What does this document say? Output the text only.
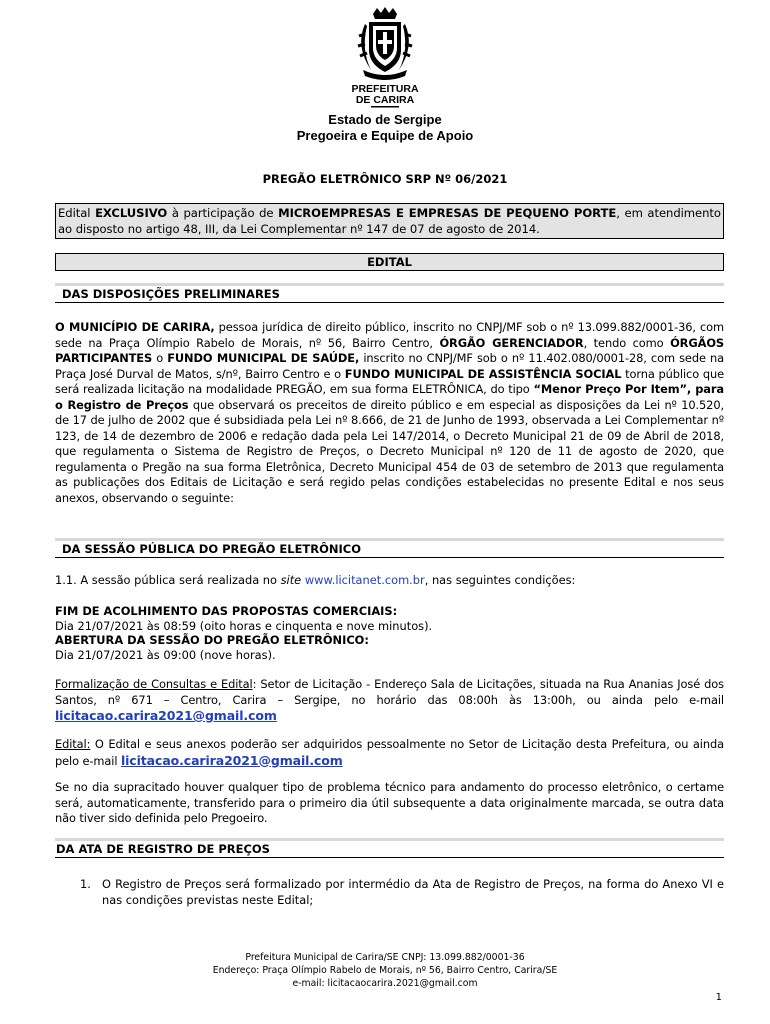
PREFEITURA
DE CARIRA
Estado de Sergipe
Pregoeira e Equipe de Apoio
PREGÃO ELETRÔNICO SRP Nº 06/2021
Edital EXCLUSIVO à participação de MICROEMPRESAS E EMPRESAS DE PEQUENO PORTE, em atendimento ao disposto no artigo 48, III, da Lei Complementar nº 147 de 07 de agosto de 2014.
EDITAL
DAS DISPOSIÇÕES PRELIMINARES

O MUNICÍPIO DE CARIRA, pessoa jurídica de direito público, inscrito no CNPJ/MF sob o nº 13.099.882/0001-36, com sede na Praça Olímpio Rabelo de Morais, nº 56, Bairro Centro, ÓRGÃO GERENCIADOR, tendo como ÓRGÃOS PARTICIPANTES o FUNDO MUNICIPAL DE SAÚDE, inscrito no CNPJ/MF sob o nº 11.402.080/0001-28, com sede na Praça José Durval de Matos, s/nº, Bairro Centro e o FUNDO MUNICIPAL DE ASSISTÊNCIA SOCIAL torna público que será realizada licitação na modalidade PREGÃO, em sua forma ELETRÔNICA, do tipo “Menor Preço Por Item”, para o Registro de Preços que observará os preceitos de direito público e em especial as disposições da Lei nº 10.520, de 17 de julho de 2002 que é subsidiada pela Lei nº 8.666, de 21 de Junho de 1993, observada a Lei Complementar nº 123, de 14 de dezembro de 2006 e redação dada pela Lei 147/2014, o Decreto Municipal 21 de 09 de Abril de 2018, que regulamenta o Sistema de Registro de Preços, o Decreto Municipal nº 120 de 11 de agosto de 2020, que regulamenta o Pregão na sua forma Eletrônica, Decreto Municipal 454 de 03 de setembro de 2013 que regulamenta as publicações dos Editais de Licitação e será regido pelas condições estabelecidas no presente Edital e nos seus anexos, observando o seguinte:

DA SESSÃO PÚBLICA DO PREGÃO ELETRÔNICO
1.1. A sessão pública será realizada no site www.licitanet.com.br, nas seguintes condições:
FIM DE ACOLHIMENTO DAS PROPOSTAS COMERCIAIS:
Dia 21/07/2021 às 08:59 (oito horas e cinquenta e nove minutos).
ABERTURA DA SESSÃO DO PREGÃO ELETRÔNICO:
Dia 21/07/2021 às 09:00 (nove horas).

Formalização de Consultas e Edital: Setor de Licitação - Endereço Sala de Licitações, situada na Rua Ananias José dos Santos, nº 671 – Centro, Carira – Sergipe, no horário das 08:00h às 13:00h, ou ainda pelo e-mail licitacao.carira2021@gmail.com

Edital: O Edital e seus anexos poderão ser adquiridos pessoalmente no Setor de Licitação desta Prefeitura, ou ainda pelo e-mail licitacao.carira2021@gmail.com

Se no dia supracitado houver qualquer tipo de problema técnico para andamento do processo eletrônico, o certame será, automaticamente, transferido para o primeiro dia útil subsequente a data originalmente marcada, se outra data não tiver sido definida pelo Pregoeiro.
DA ATA DE REGISTRO DE PREÇOS
1. O Registro de Preços será formalizado por intermédio da Ata de Registro de Preços, na forma do Anexo VI e nas condições previstas neste Edital;
Prefeitura Municipal de Carira/SE CNPJ: 13.099.882/0001-36
Endereço: Praça Olímpio Rabelo de Morais, nº 56, Bairro Centro, Carira/SE
e-mail: licitacaocarira.2021@gmail.com
1
